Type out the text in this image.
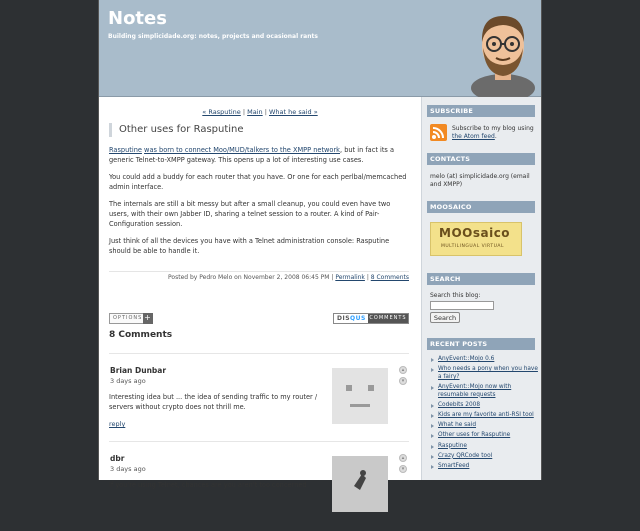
Notes
Building simplicidade.org: notes, projects and ocasional rants
« Rasputine | Main | What he said »
Other uses for Rasputine

Rasputine was born to connect Moo/MUD/talkers to the XMPP network, but in fact its a generic Telnet-to-XMPP gateway. This opens up a lot of interesting use cases.

You could add a buddy for each router that you have. Or one for each perlbal/memcached admin interface.

The internals are still a bit messy but after a small cleanup, you could even have two users, with their own Jabber ID, sharing a telnet session to a router. A kind of Pair-Configuration session.

Just think of all the devices you have with a Telnet administration console: Rasputine should be able to handle it.

Posted by Pedro Melo on November 2, 2008 06:45 PM | Permalink | 8 Comments
OPTIONS +	DISQUS COMMENTS
8 Comments
Brian Dunbar
3 days ago
Interesting idea but ... the idea of sending traffic to my router / servers without crypto does not thrill me.
reply
▴
▾
dbr
3 days ago
If you're using Telnet, chances are you aren't too concerned
▴
▾
SUBSCRIBE
Subscribe to my blog using the Atom feed.
CONTACTS
melo (at) simplicidade.org (email and XMPP)
MOOSAICO
MOOsaico
MULTILINGUAL VIRTUAL
SEARCH
Search this blog:
Search
RECENT POSTS
AnyEvent::Mojo 0.6
Who needs a pony when you have a fairy?
AnyEvent::Mojo now with resumable requests
Codebits 2008
Kids are my favorite anti-RSI tool
What he said
Other uses for Rasputine
Rasputine
Crazy QRCode tool
SmartFeed
